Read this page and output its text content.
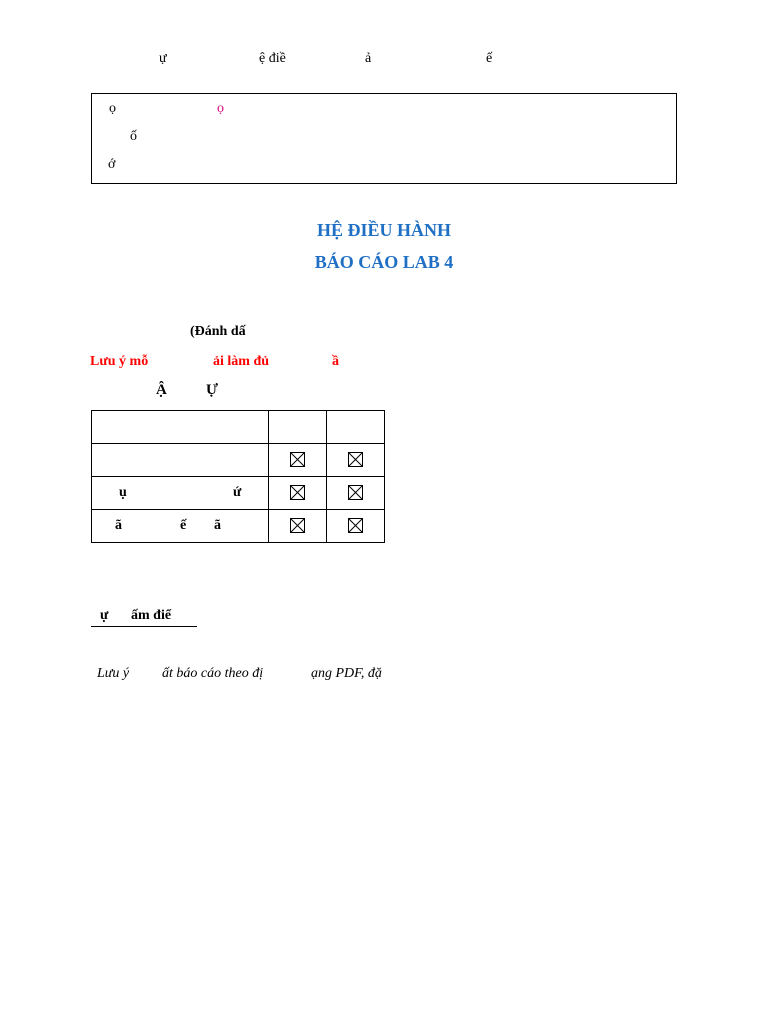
ự	ệ điề	ả	ế
ọ	ọ
ố
ớ
HỆ ĐIỀU HÀNH
BÁO CÁO LAB 4
(Đánh dấ
Lưu ý mỗ	ải làm đủ	ầ
Ậ	Ự

ụ ứ

ã ế ã

ự ấm điể
Lưu ý ất báo cáo theo đị	ạng PDF, đặ
